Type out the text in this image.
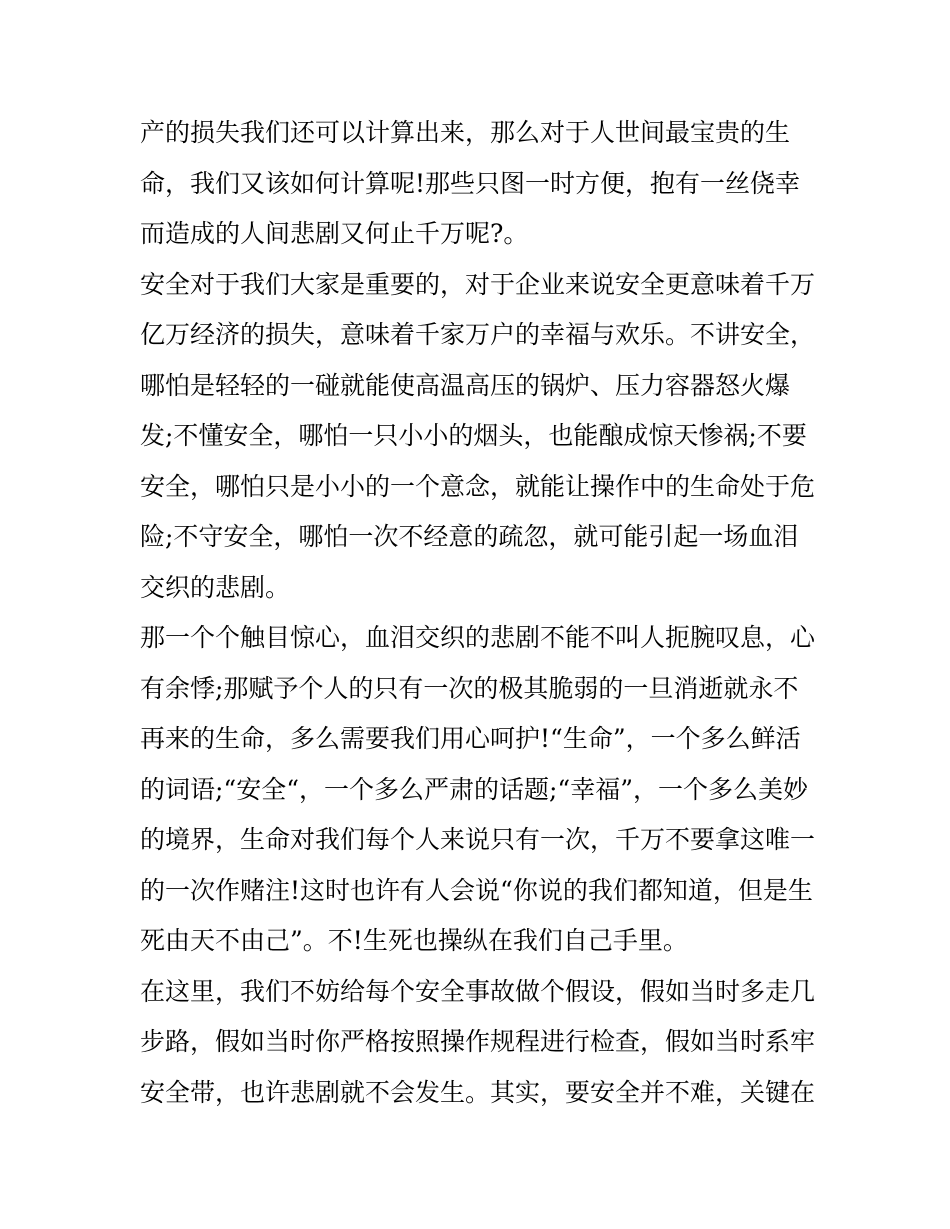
产的损失我们还可以计算出来，那么对于人世间最宝贵的生
命，我们又该如何计算呢!那些只图一时方便，抱有一丝侥幸
而造成的人间悲剧又何止千万呢?。
安全对于我们大家是重要的，对于企业来说安全更意味着千万
亿万经济的损失，意味着千家万户的幸福与欢乐。不讲安全，
哪怕是轻轻的一碰就能使高温高压的锅炉、压力容器怒火爆
发;不懂安全，哪怕一只小小的烟头，也能酿成惊天惨祸;不要
安全，哪怕只是小小的一个意念，就能让操作中的生命处于危
险;不守安全，哪怕一次不经意的疏忽，就可能引起一场血泪
交织的悲剧。
那一个个触目惊心，血泪交织的悲剧不能不叫人扼腕叹息，心
有余悸;那赋予个人的只有一次的极其脆弱的一旦消逝就永不
再来的生命，多么需要我们用心呵护!“生命”，一个多么鲜活
的词语;“安全“，一个多么严肃的话题;“幸福”，一个多么美妙
的境界，生命对我们每个人来说只有一次，千万不要拿这唯一
的一次作赌注!这时也许有人会说“你说的我们都知道，但是生
死由天不由己”。不!生死也操纵在我们自己手里。
在这里，我们不妨给每个安全事故做个假设，假如当时多走几
步路，假如当时你严格按照操作规程进行检查，假如当时系牢
安全带，也许悲剧就不会发生。其实，要安全并不难，关键在
